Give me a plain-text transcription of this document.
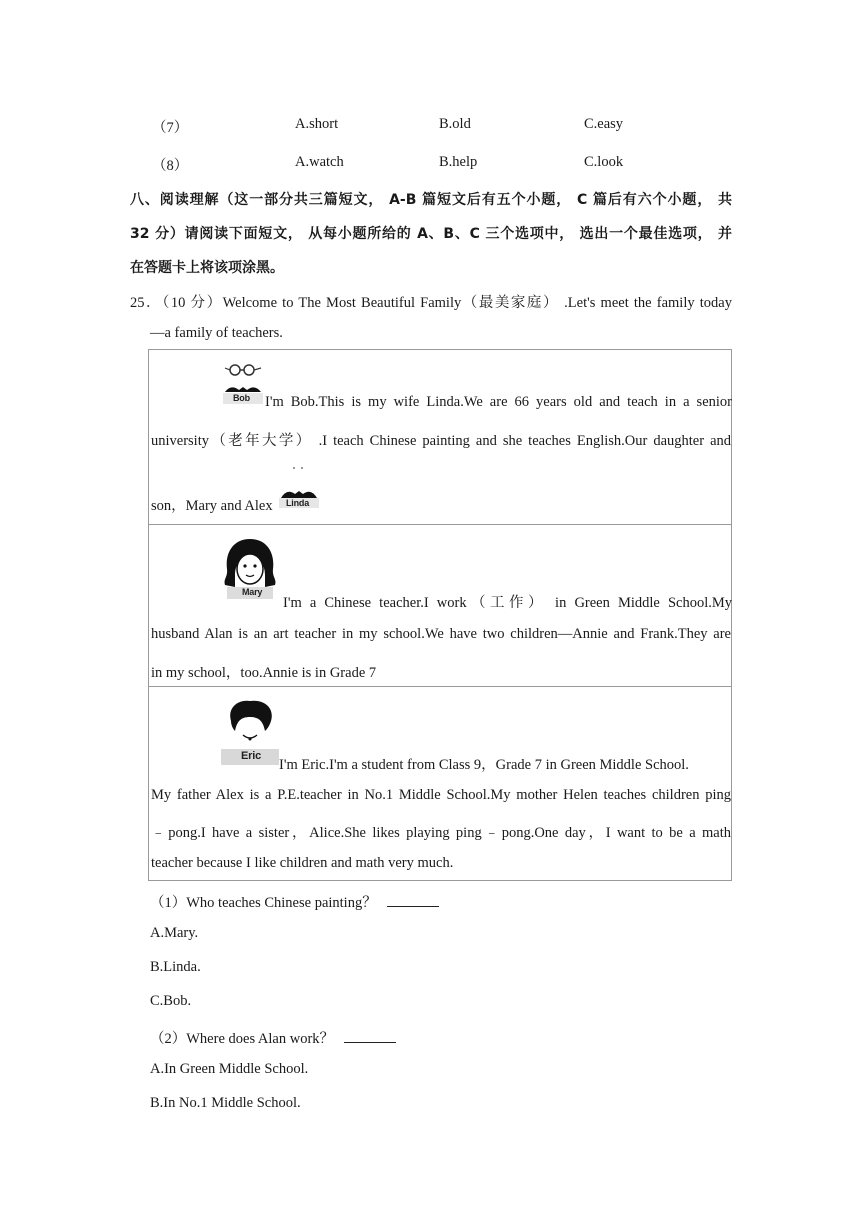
（7）	A.short	B.old	C.easy
（8）	A.watch	B.help	C.look
八、阅读理解（这一部分共三篇短文， A-B 篇短文后有五个小题， C 篇后有六个小题， 共
32 分）请阅读下面短文， 从每小题所给的 A、B、C 三个选项中， 选出一个最佳选项， 并
在答题卡上将该项涂黑。
25．（10 分）Welcome to The Most Beautiful Family（最美家庭） .Let's meet the family today
—a family of teachers.
Bob I'm Bob.This is my wife Linda.We are 66 years old and teach in a senior
university（老年大学） .I teach Chinese painting and she teaches English.Our daughter and
son，Mary and Alex	Linda
Mary
I'm a Chinese teacher.I work（工作） in Green Middle School.My
husband Alan is an art teacher in my school.We have two children—Annie and Frank.They are
in my school，too.Annie is in Grade 7
Eric
I'm Eric.I'm a student from Class 9，Grade 7 in Green Middle School.
My father Alex is a P.E.teacher in No.1 Middle School.My mother Helen teaches children ping
﹣pong.I have a sister，Alice.She likes playing ping﹣pong.One day，I want to be a math
teacher because I like children and math very much.
（1）Who teaches Chinese painting？
A.Mary.
B.Linda.
C.Bob.
（2）Where does Alan work？
A.In Green Middle School.
B.In No.1 Middle School.
